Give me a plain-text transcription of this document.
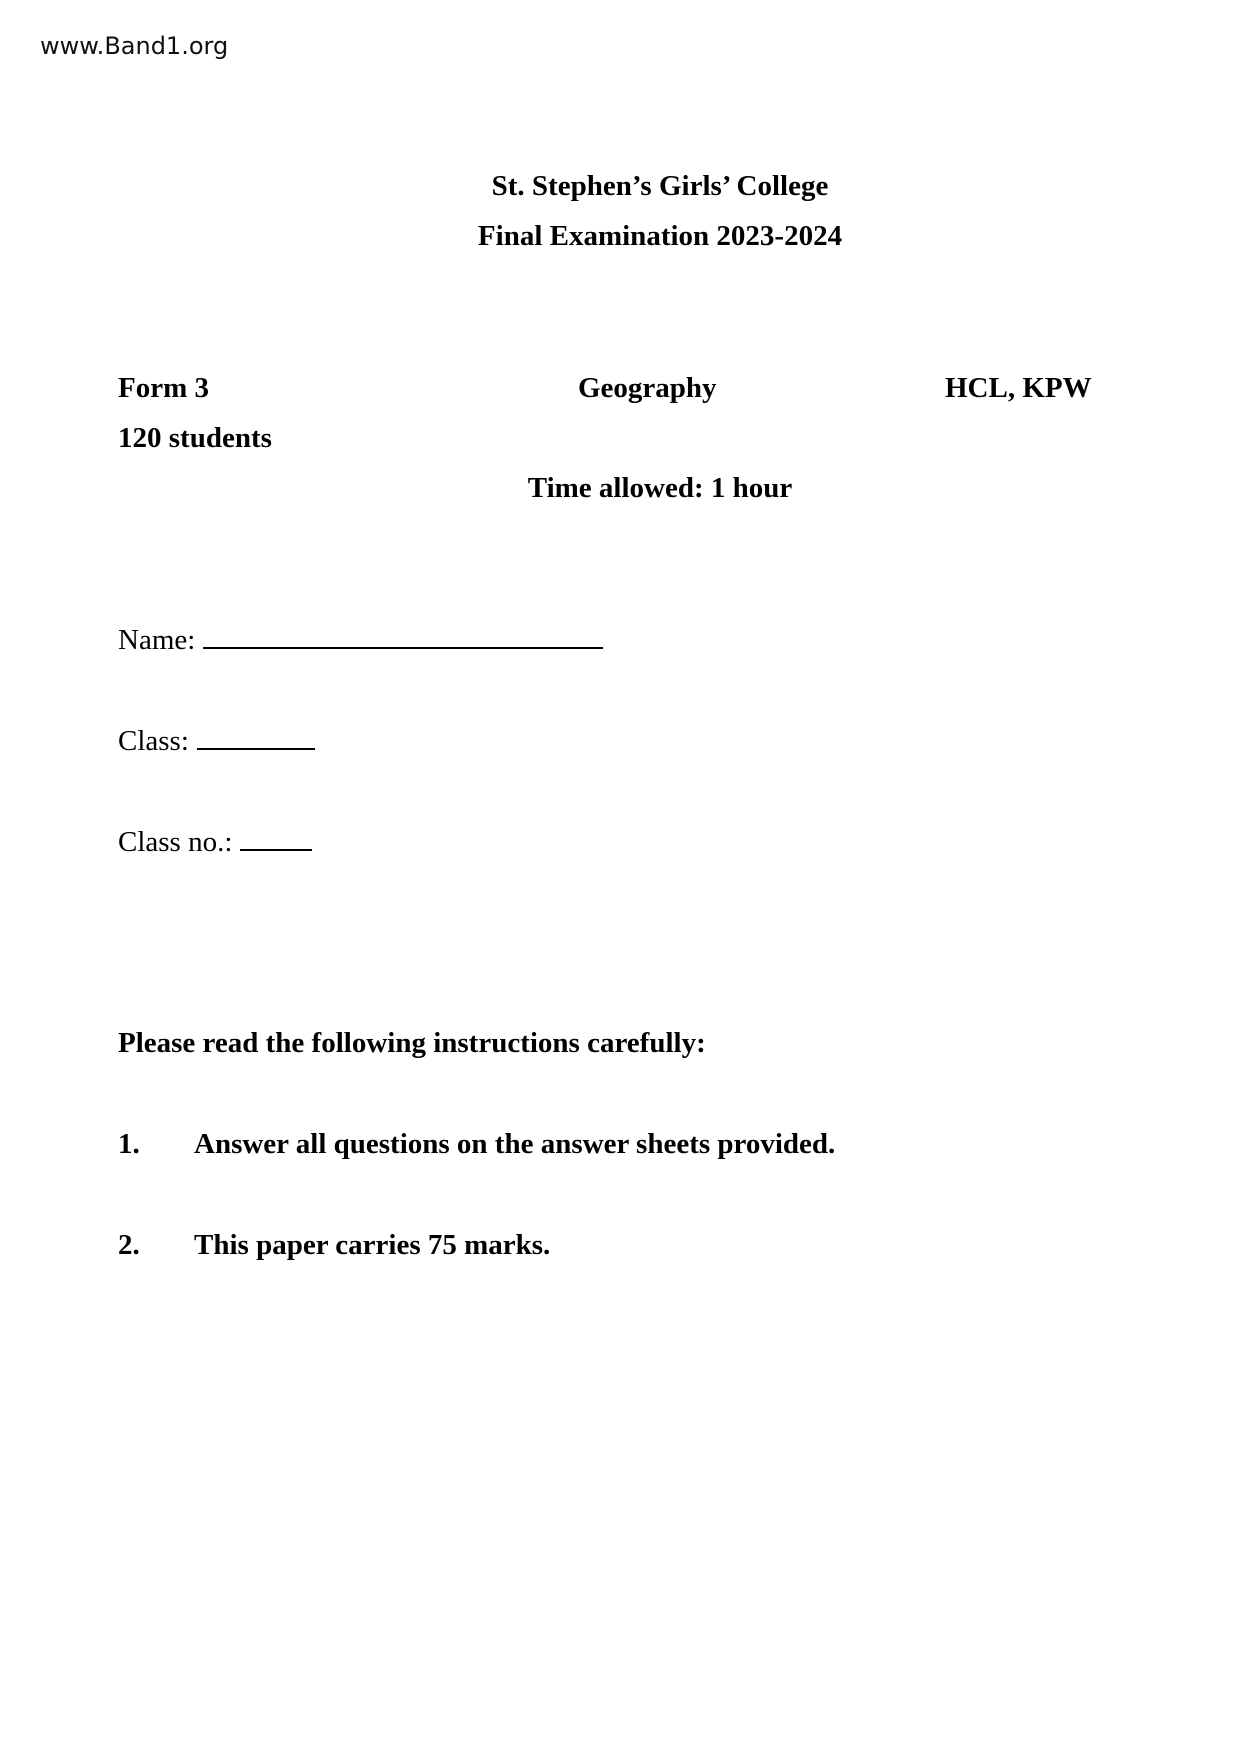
www.Band1.org
St. Stephen’s Girls’ College
Final Examination 2023-2024
Form 3	Geography	HCL, KPW
120 students
Time allowed: 1 hour
Name:
Class:
Class no.:
Please read the following instructions carefully:
1. Answer all questions on the answer sheets provided.
2. This paper carries 75 marks.
